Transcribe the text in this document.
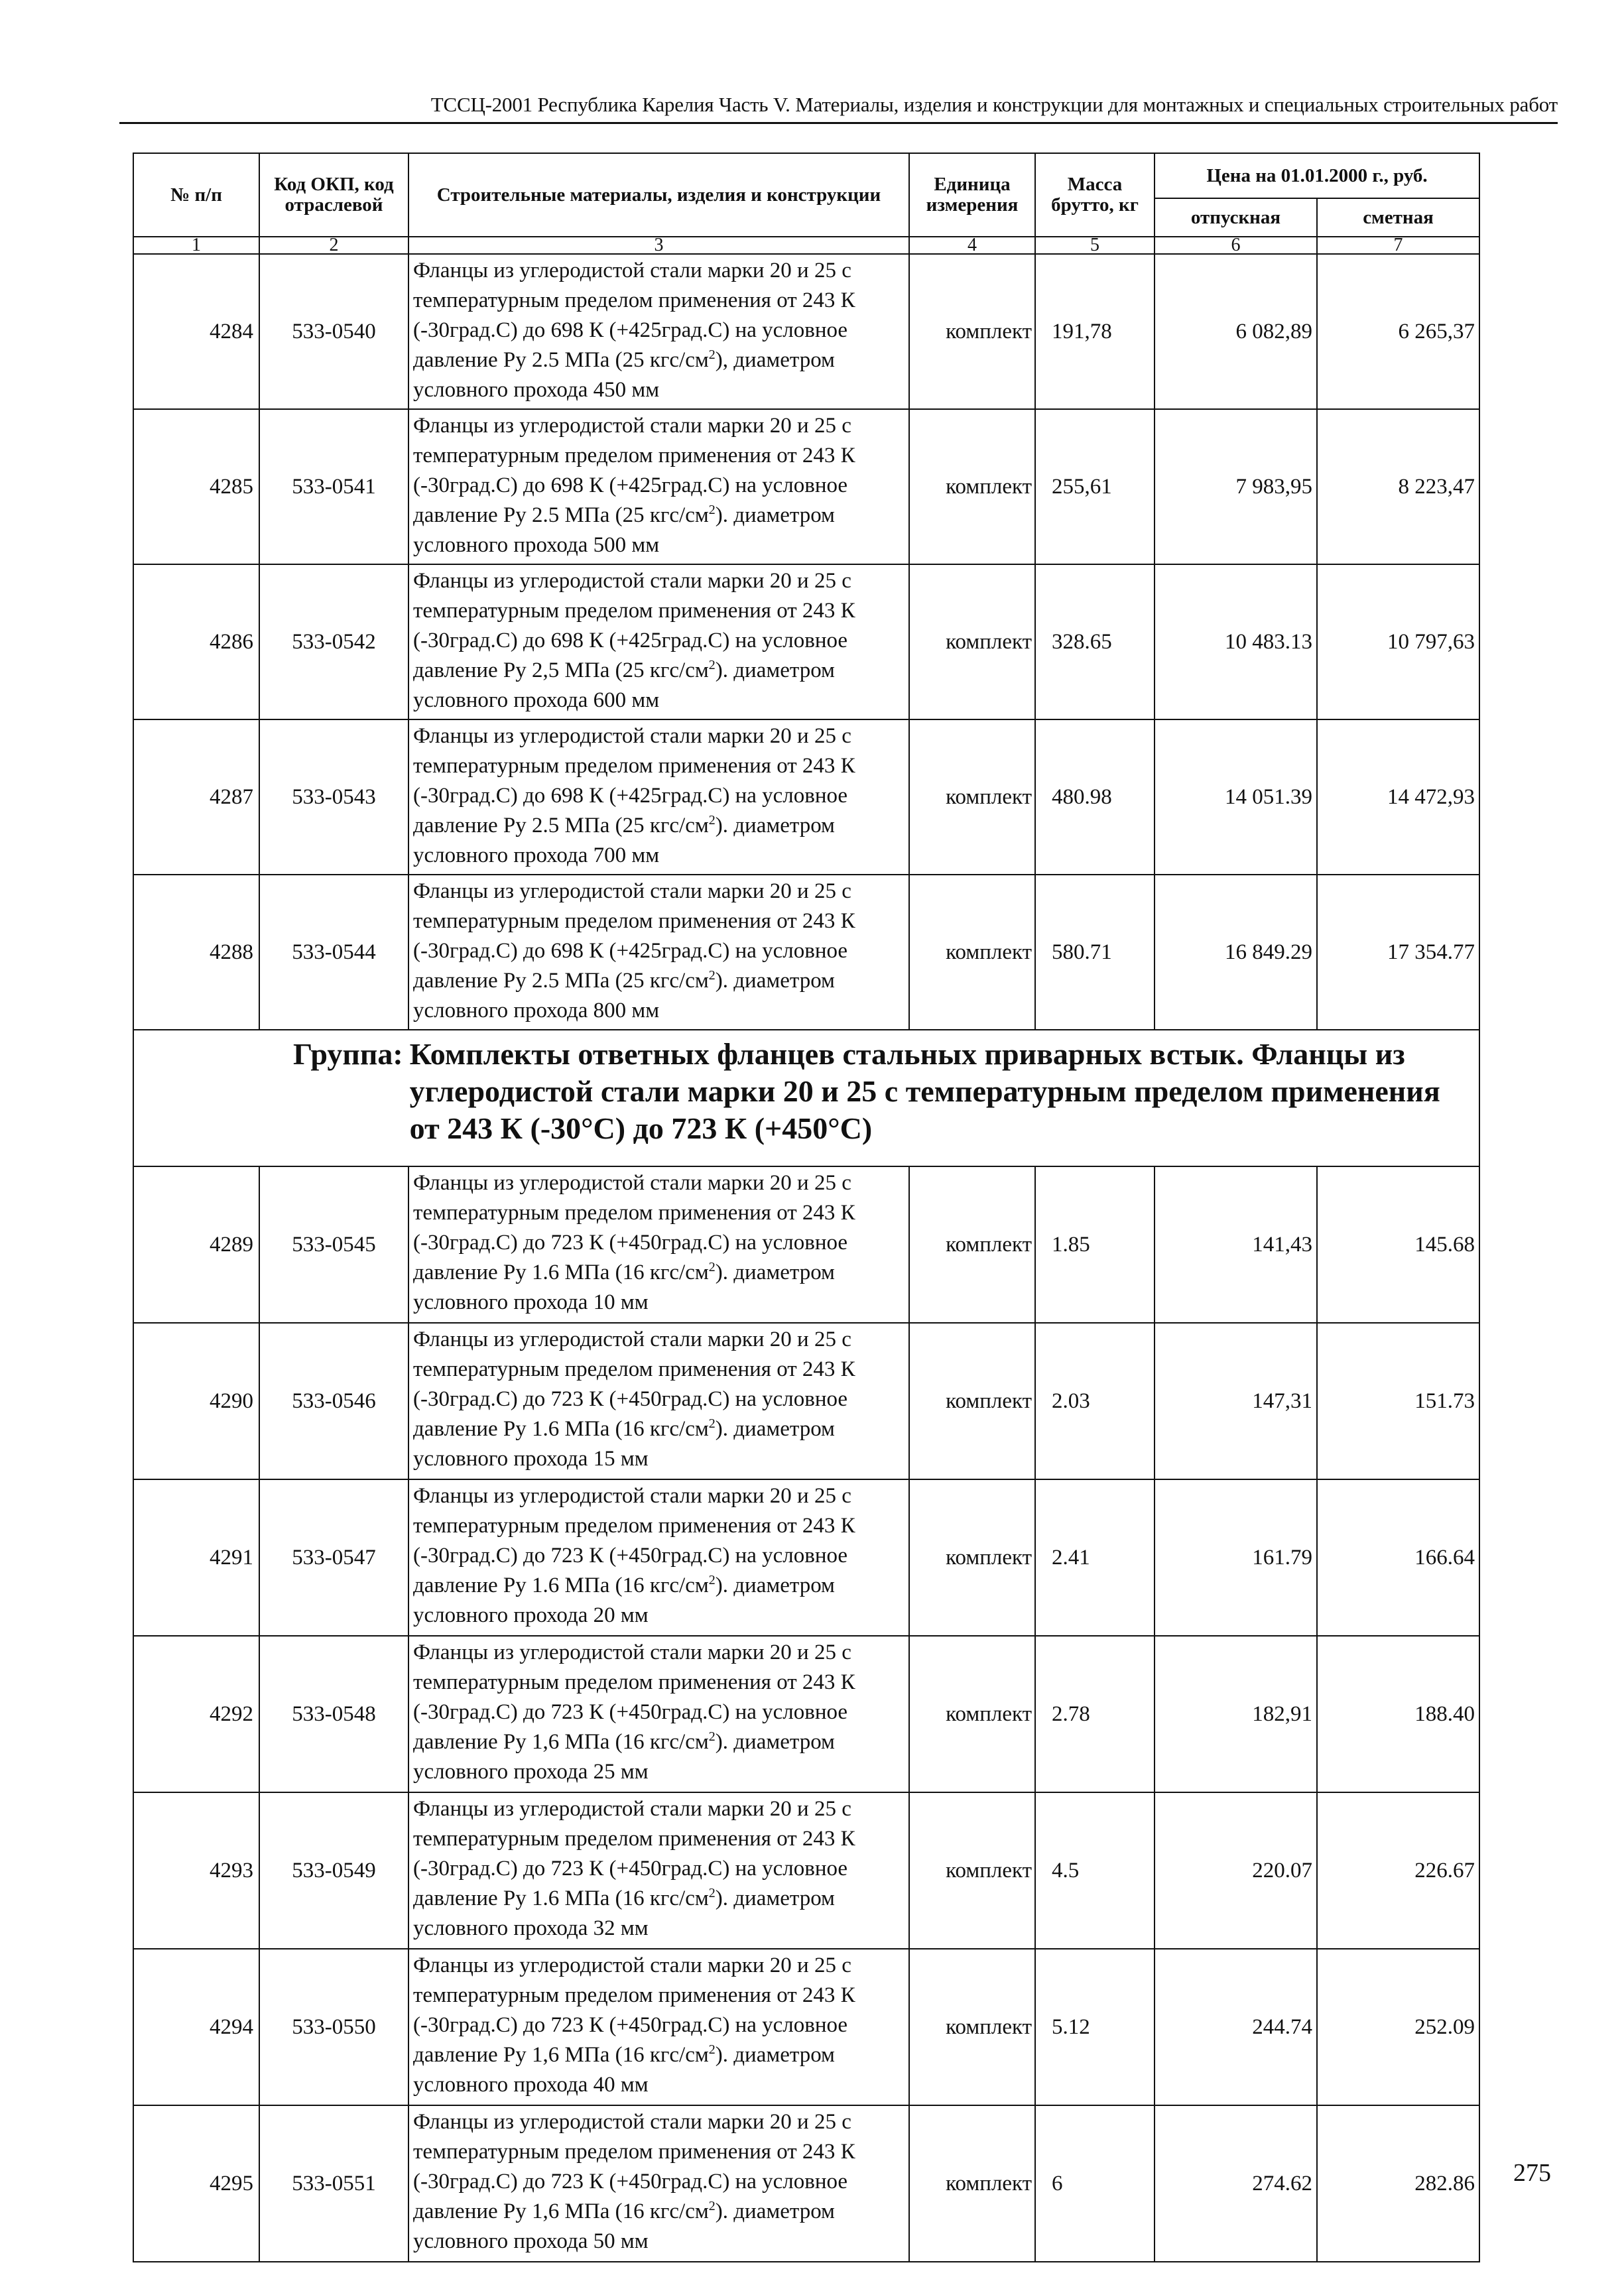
ТССЦ-2001 Республика Карелия Часть V. Материалы, изделия и конструкции для монтажных и специальных строительных работ
№ п/п	Код ОКП, код отраслевой	Строительные материалы, изделия и конструкции	Единица измерения	Масса брутто, кг	Цена на 01.01.2000 г., руб.	
					отпускная	сметная
1	2	3	4	5	6	7
4284	533-0540	Фланцы из углеродистой стали марки 20 и 25 с температурным пределом применения от 243 К (-30град.С) до 698 К (+425град.С) на условное давление Ру 2.5 МПа (25 кгс/$см^2$), диаметром условного прохода 450 мм	комплект	191,78	6 082,89	6 265,37
4285	533-0541	Фланцы из углеродистой стали марки 20 и 25 с температурным пределом применения от 243 К (-30град.С) до 698 К (+425град.С) на условное давление Ру 2.5 МПа (25 кгс/$см^2$). диаметром условного прохода 500 мм	комплект	255,61	7 983,95	8 223,47
4286	533-0542	Фланцы из углеродистой стали марки 20 и 25 с температурным пределом применения от 243 К (-30град.С) до 698 К (+425град.С) на условное давление Ру 2,5 МПа (25 кгс/$см^2$). диаметром условного прохода 600 мм	комплект	328.65	10 483.13	10 797,63
4287	533-0543	Фланцы из углеродистой стали марки 20 и 25 с температурным пределом применения от 243 К (-30град.С) до 698 К (+425град.С) на условное давление Ру 2.5 МПа (25 кгс/$см^2$). диаметром условного прохода 700 мм	комплект	480.98	14 051.39	14 472,93
4288	533-0544	Фланцы из углеродистой стали марки 20 и 25 с температурным пределом применения от 243 К (-30град.С) до 698 К (+425град.С) на условное давление Ру 2.5 МПа (25 кгс/$см^2$). диаметром условного прохода 800 мм	комплект	580.71	16 849.29	17 354.77

Группа: Комплекты ответных фланцев стальных приварных встык. Фланцы из углеродистой стали марки 20 и 25 с температурным пределом применения от 243 К (-30°С) до 723 К (+450°С)						

4289	533-0545	Фланцы из углеродистой стали марки 20 и 25 с температурным пределом применения от 243 К (-30град.С) до 723 К (+450град.С) на условное давление Ру 1.6 МПа (16 кгс/$см^2$). диаметром условного прохода 10 мм	комплект	1.85	141,43	145.68
4290	533-0546	Фланцы из углеродистой стали марки 20 и 25 с температурным пределом применения от 243 К (-30град.С) до 723 К (+450град.С) на условное давление Ру 1.6 МПа (16 кгс/$см^2$). диаметром условного прохода 15 мм	комплект	2.03	147,31	151.73
4291	533-0547	Фланцы из углеродистой стали марки 20 и 25 с температурным пределом применения от 243 К (-30град.С) до 723 К (+450град.С) на условное давление Ру 1.6 МПа (16 кгс/$см^2$). диаметром условного прохода 20 мм	комплект	2.41	161.79	166.64
4292	533-0548	Фланцы из углеродистой стали марки 20 и 25 с температурным пределом применения от 243 К (-30град.С) до 723 К (+450град.С) на условное давление Ру 1,6 МПа (16 кгс/$см^2$). диаметром условного прохода 25 мм	комплект	2.78	182,91	188.40
4293	533-0549	Фланцы из углеродистой стали марки 20 и 25 с температурным пределом применения от 243 К (-30град.С) до 723 К (+450град.С) на условное давление Ру 1.6 МПа (16 кгс/$см^2$). диаметром условного прохода 32 мм	комплект	4.5	220.07	226.67
4294	533-0550	Фланцы из углеродистой стали марки 20 и 25 с температурным пределом применения от 243 К (-30град.С) до 723 К (+450град.С) на условное давление Ру 1,6 МПа (16 кгс/$см^2$). диаметром условного прохода 40 мм	комплект	5.12	244.74	252.09
4295	533-0551	Фланцы из углеродистой стали марки 20 и 25 с температурным пределом применения от 243 К (-30град.С) до 723 К (+450град.С) на условное давление Ру 1,6 МПа (16 кгс/$см^2$). диаметром условного прохода 50 мм	комплект	6	274.62	282.86 275
